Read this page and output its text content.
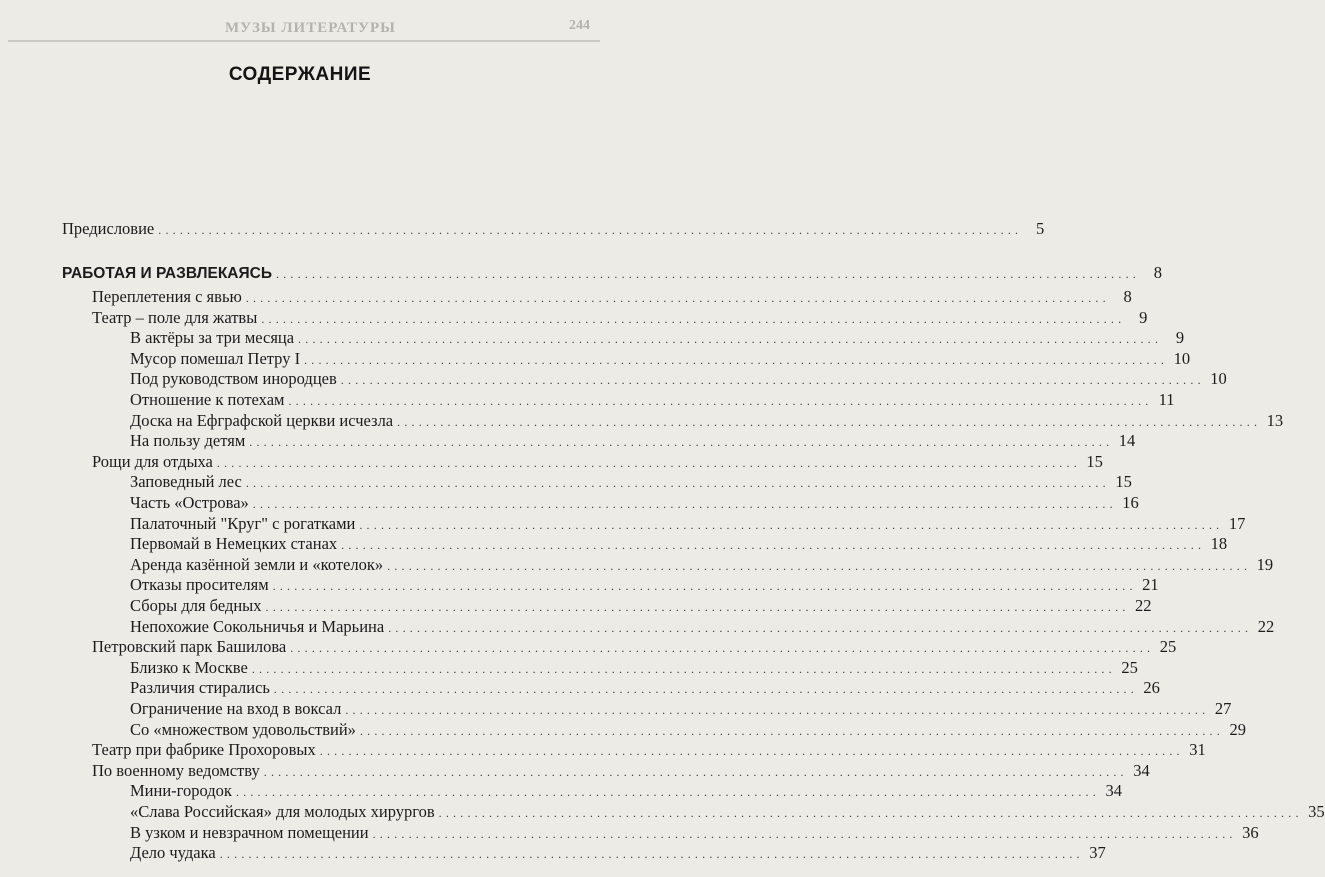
МУЗЫ ЛИТЕРАТУРЫ	244
СОДЕРЖАНИЕ
Предисловие ........................................................................................................................ 5
РАБОТАЯ И РАЗВЛЕКАЯСЬ ........................................................................................................................ 8
Переплетения с явью ........................................................................................................................ 8
Театр – поле для жатвы ........................................................................................................................ 9
В актёры за три месяца ........................................................................................................................ 9
Мусор помешал Петру I ........................................................................................................................ 10
Под руководством инородцев ........................................................................................................................ 10
Отношение к потехам ........................................................................................................................ 11
Доска на Ефграфской церкви исчезла ........................................................................................................................ 13
На пользу детям ........................................................................................................................ 14
Рощи для отдыха ........................................................................................................................ 15
Заповедный лес ........................................................................................................................ 15
Часть «Острова» ........................................................................................................................ 16
Палаточный "Круг" с рогатками ........................................................................................................................ 17
Первомай в Немецких станах ........................................................................................................................ 18
Аренда казённой земли и «котелок» ........................................................................................................................ 19
Отказы просителям ........................................................................................................................ 21
Сборы для бедных ........................................................................................................................ 22
Непохожие Сокольничья и Марьина ........................................................................................................................ 22
Петровский парк Башилова ........................................................................................................................ 25
Близко к Москве ........................................................................................................................ 25
Различия стирались ........................................................................................................................ 26
Ограничение на вход в воксал ........................................................................................................................ 27
Со «множеством удовольствий» ........................................................................................................................ 29
Театр при фабрике Прохоровых ........................................................................................................................ 31
По военному ведомству ........................................................................................................................ 34
Мини-городок ........................................................................................................................ 34
«Слава Российская» для молодых хирургов ........................................................................................................................ 35
В узком и невзрачном помещении ........................................................................................................................ 36
Дело чудака ........................................................................................................................ 37
